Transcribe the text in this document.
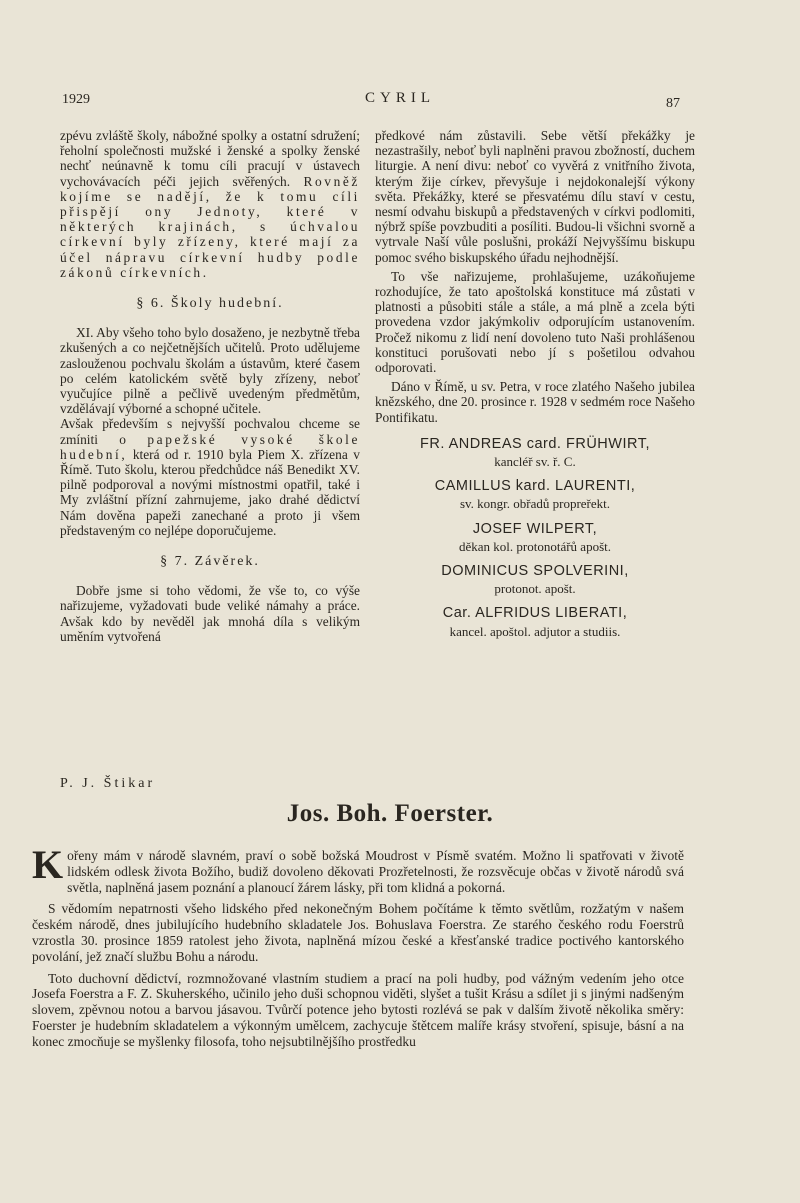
1929	CYRIL	87

zpévu zvláště školy, nábožné spolky a ostatní sdružení; řeholní společnosti mužské i ženské a spolky ženské nechť neúnavně k tomu cíli pracují v ústavech vychovávacích péči jejich svěřených. Rovněž kojíme se nadějí, že k tomu cíli přispějí ony Jednoty, které v některých krajinách, s úchvalou církevní byly zřízeny, které mají za účel nápravu církevní hudby podle zákonů církevních.

§ 6. Školy hudební.

XI. Aby všeho toho bylo dosaženo, je nezbytně třeba zkušených a co nejčetnějších učitelů. Proto udělujeme zaslouženou pochvalu školám a ústavům, které časem po celém katolickém světě byly zřízeny, neboť vyučujíce pilně a pečlivě uvedeným předmětům, vzdělávají výborné a schopné učitele.

Avšak především s nejvyšší pochvalou chceme se zmíniti o papežské vysoké škole hudební, která od r. 1910 byla Piem X. zřízena v Římě. Tuto školu, kterou předchůdce náš Benedikt XV. pilně podporoval a novými místnostmi opatřil, také i My zvláštní přízní zahrnujeme, jako drahé dědictví Nám dověna papeži zanechané a proto ji všem představeným co nejlépe doporučujeme.

§ 7. Závěrek.

Dobře jsme si toho vědomi, že vše to, co výše nařizujeme, vyžadovati bude veliké námahy a práce. Avšak kdo by nevěděl jak mnohá díla s velikým uměním vytvořená

předkové nám zůstavili. Sebe větší překážky je nezastrašily, neboť byli naplněni pravou zbožností, duchem liturgie. A není divu: neboť co vyvěrá z vnitřního života, kterým žije církev, převyšuje i nejdokonalejší výkony světa. Překážky, které se přesvatému dílu staví v cestu, nesmí odvahu biskupů a představených v církvi podlomiti, nýbrž spíše povzbuditi a posíliti. Budou-li všichni svorně a vytrvale Naší vůle poslušni, prokáží Nejvyššímu biskupu pomoc svého biskupského úřadu nejhodnější.

To vše nařizujeme, prohlašujeme, uzákoňujeme rozhodujíce, že tato apoštolská konstituce má zůstati v platnosti a působiti stále a stále, a má plně a zcela býti provedena vzdor jakýmkoliv odporujícím ustanovením. Pročež nikomu z lidí není dovoleno tuto Naši prohlášenou konstituci porušovati nebo jí s pošetilou odvahou odporovati.

Dáno v Římě, u sv. Petra, v roce zlatého Našeho jubilea knězského, dne 20. prosince r. 1928 v sedmém roce Našeho Pontifikatu.

FR. ANDREAS card. FRÜHWIRT,
kancléř sv. ř. C.
CAMILLUS kard. LAURENTI,
sv. kongr. obřadů propreřekt.
JOSEF WILPERT,
děkan kol. protonotářů apošt.
DOMINICUS SPOLVERINI,
protonot. apošt.
Car. ALFRIDUS LIBERATI,
kancel. apoštol. adjutor a studiis.
P. J. Štikar
Jos. Boh. Foerster.

K ořeny mám v národě slavném, praví o sobě božská Moudrost v Písmě svatém. Možno li spatřovati v životě lidském odlesk života Božího, budiž dovoleno děkovati Prozřetelnosti, že rozsvěcuje občas v životě národů svá světla, naplněná jasem poznání a planoucí žárem lásky, při tom klidná a pokorná.

S vědomím nepatrnosti všeho lidského před nekonečným Bohem počítáme k těmto světlům, rozžatým v našem českém národě, dnes jubilujícího hudebního skladatele Jos. Bohuslava Foerstra. Ze starého českého rodu Foerstrů vzrostla 30. prosince 1859 ratolest jeho života, naplněná mízou české a křesťanské tradice poctivého kantorského povolání, jež značí službu Bohu a národu.

Toto duchovní dědictví, rozmnožované vlastním studiem a prací na poli hudby, pod vážným vedením jeho otce Josefa Foerstra a F. Z. Skuherského, učinilo jeho duši schopnou viděti, slyšet a tušit Krásu a sdílet ji s jinými nadšeným slovem, zpěvnou notou a barvou jásavou. Tvůrčí potence jeho bytosti rozlévá se pak v dalším životě několika směry: Foerster je hudebním skladatelem a výkonným umělcem, zachycuje štětcem malíře krásy stvoření, spisuje, básní a na konec zmocňuje se myšlenky filosofa, toho nejsubtilnějšího prostředku
